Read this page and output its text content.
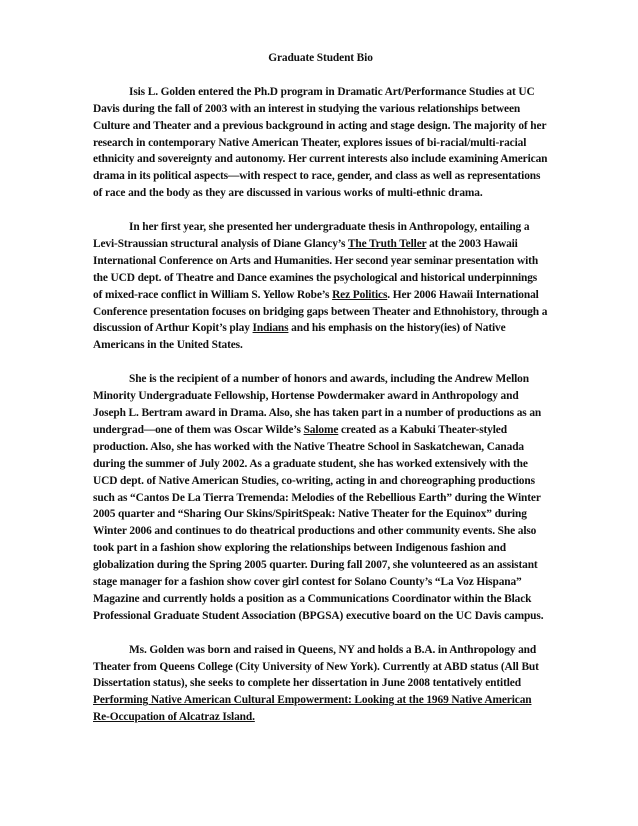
Graduate Student Bio

Isis L. Golden entered the Ph.D program in Dramatic Art/Performance Studies at UC Davis during the fall of 2003 with an interest in studying the various relationships between Culture and Theater and a previous background in acting and stage design. The majority of her research in contemporary Native American Theater, explores issues of bi-racial/multi-racial ethnicity and sovereignty and autonomy. Her current interests also include examining American drama in its political aspects—with respect to race, gender, and class as well as representations of race and the body as they are discussed in various works of multi-ethnic drama.

In her first year, she presented her undergraduate thesis in Anthropology, entailing a Levi-Straussian structural analysis of Diane Glancy’s The Truth Teller at the 2003 Hawaii International Conference on Arts and Humanities. Her second year seminar presentation with the UCD dept. of Theatre and Dance examines the psychological and historical underpinnings of mixed-race conflict in William S. Yellow Robe’s Rez Politics. Her 2006 Hawaii International Conference presentation focuses on bridging gaps between Theater and Ethnohistory, through a discussion of Arthur Kopit’s play Indians and his emphasis on the history(ies) of Native Americans in the United States.

She is the recipient of a number of honors and awards, including the Andrew Mellon Minority Undergraduate Fellowship, Hortense Powdermaker award in Anthropology and Joseph L. Bertram award in Drama. Also, she has taken part in a number of productions as an undergrad—one of them was Oscar Wilde’s Salome created as a Kabuki Theater-styled production. Also, she has worked with the Native Theatre School in Saskatchewan, Canada during the summer of July 2002. As a graduate student, she has worked extensively with the UCD dept. of Native American Studies, co-writing, acting in and choreographing productions such as “Cantos De La Tierra Tremenda: Melodies of the Rebellious Earth” during the Winter 2005 quarter and “Sharing Our Skins/SpiritSpeak: Native Theater for the Equinox” during Winter 2006 and continues to do theatrical productions and other community events. She also took part in a fashion show exploring the relationships between Indigenous fashion and globalization during the Spring 2005 quarter. During fall 2007, she volunteered as an assistant stage manager for a fashion show cover girl contest for Solano County’s “La Voz Hispana” Magazine and currently holds a position as a Communications Coordinator within the Black Professional Graduate Student Association (BPGSA) executive board on the UC Davis campus.

Ms. Golden was born and raised in Queens, NY and holds a B.A. in Anthropology and Theater from Queens College (City University of New York). Currently at ABD status (All But Dissertation status), she seeks to complete her dissertation in June 2008 tentatively entitled Performing Native American Cultural Empowerment: Looking at the 1969 Native American Re-Occupation of Alcatraz Island.
